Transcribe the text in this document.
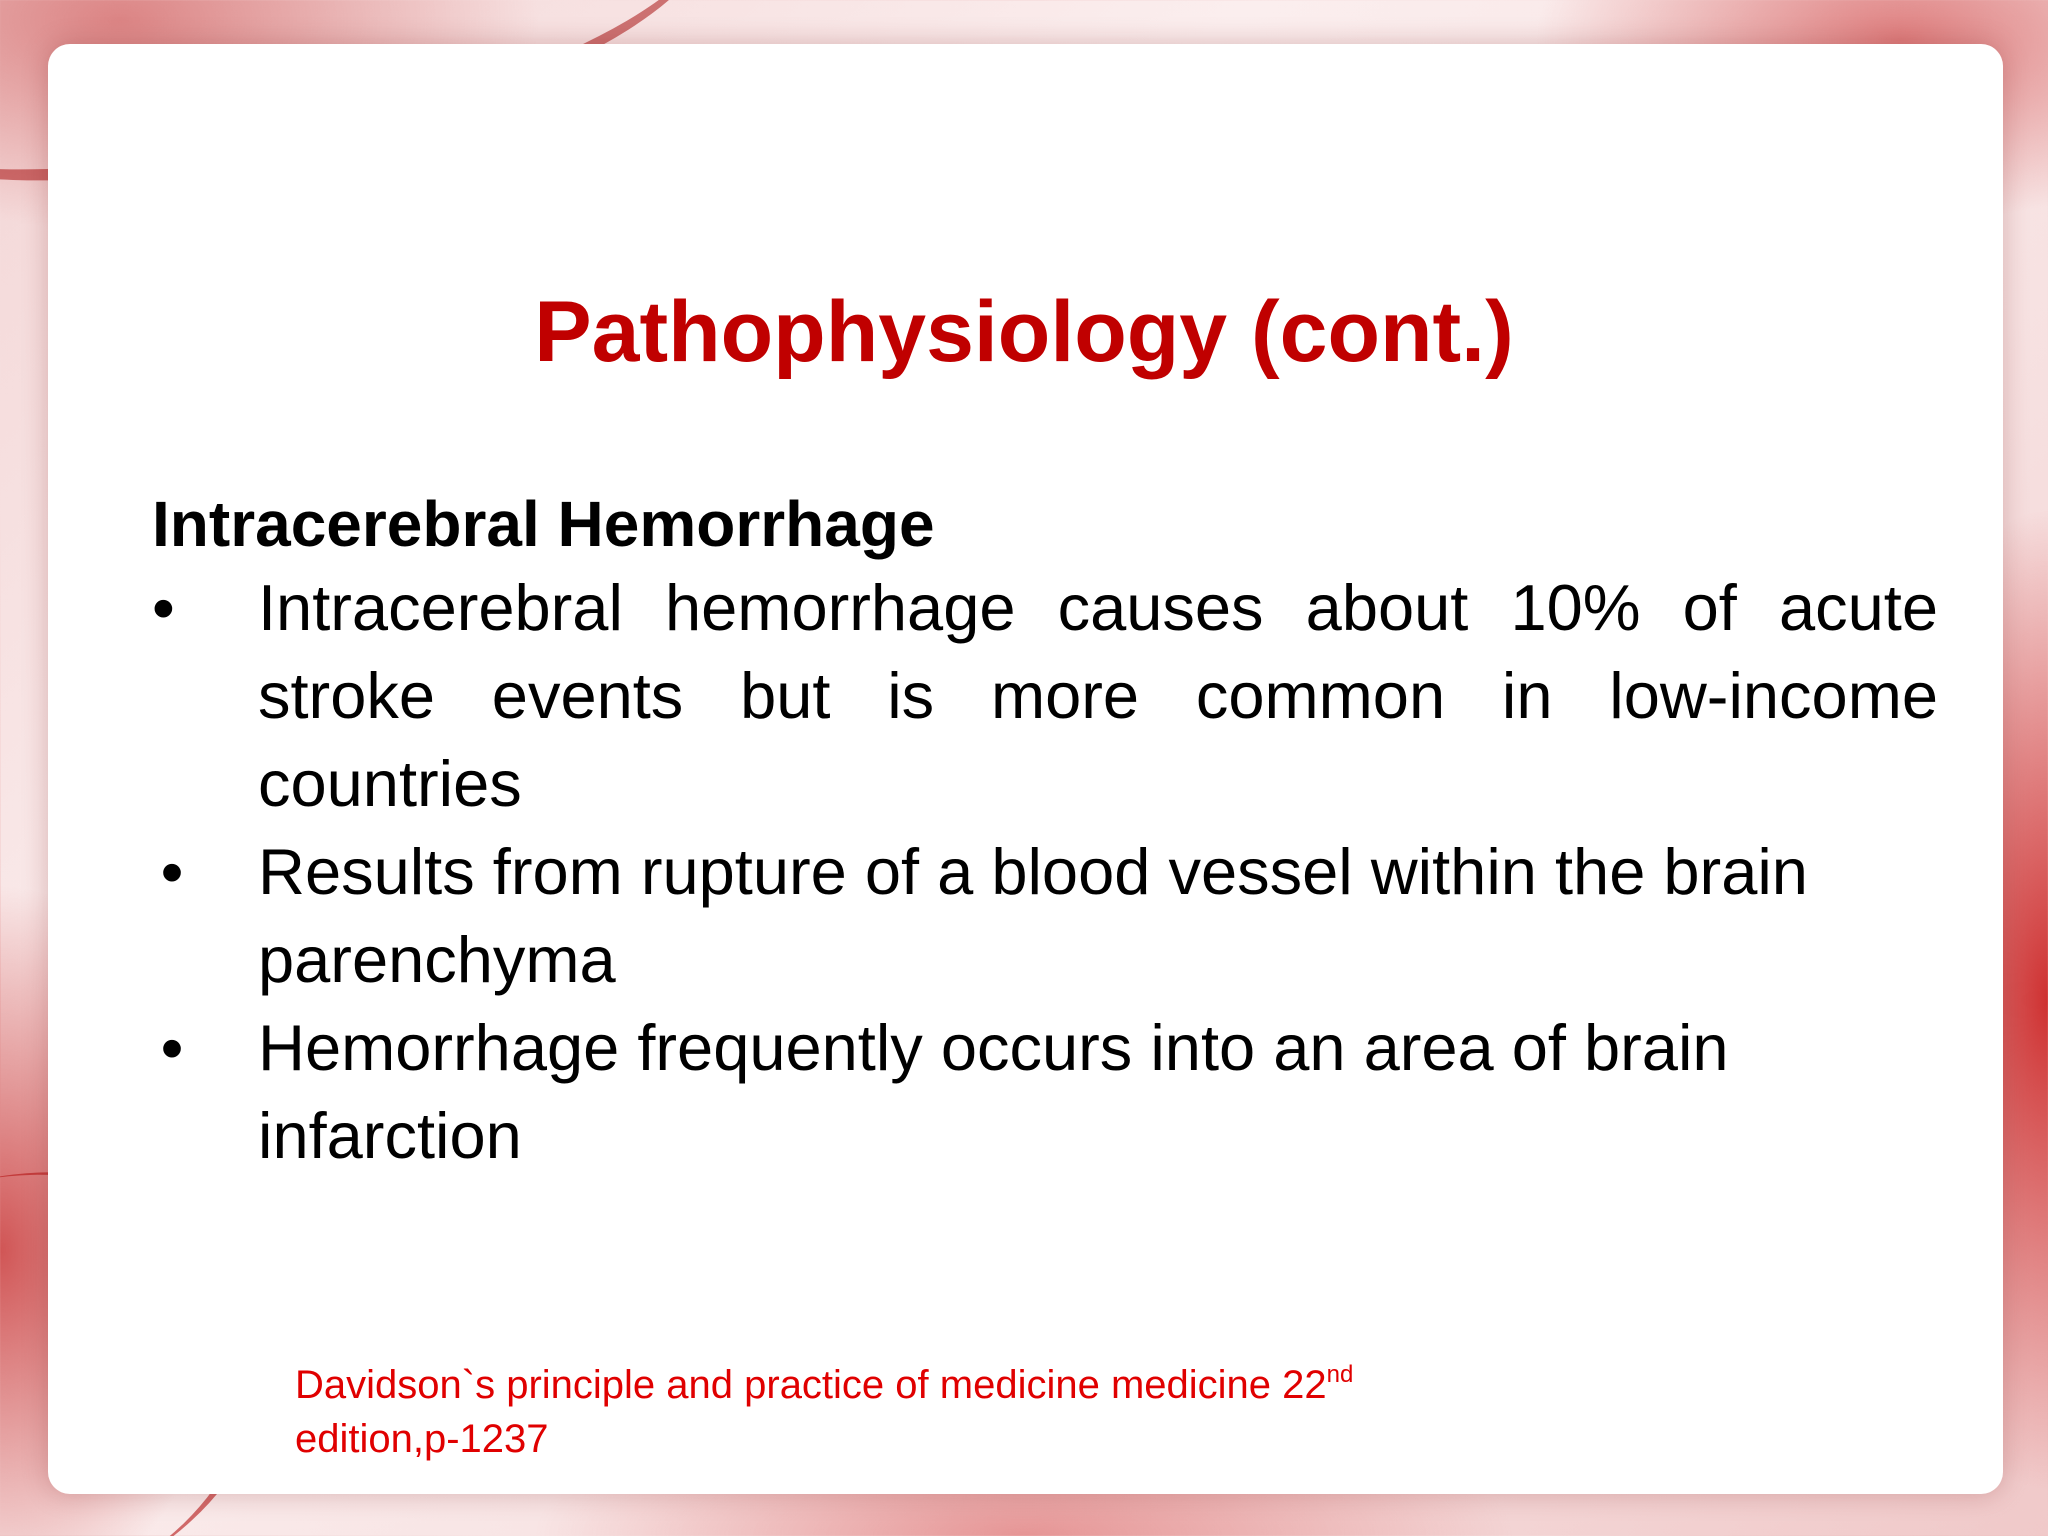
Pathophysiology (cont.)
Intracerebral Hemorrhage
• Intracerebral hemorrhage causes about 10% of acute stroke events but is more common in low-income countries
• Results from rupture of a blood vessel within the brain parenchyma
• Hemorrhage frequently occurs into an area of brain infarction
Davidson`s principle and practice of medicine medicine 22nd
edition,p-1237
